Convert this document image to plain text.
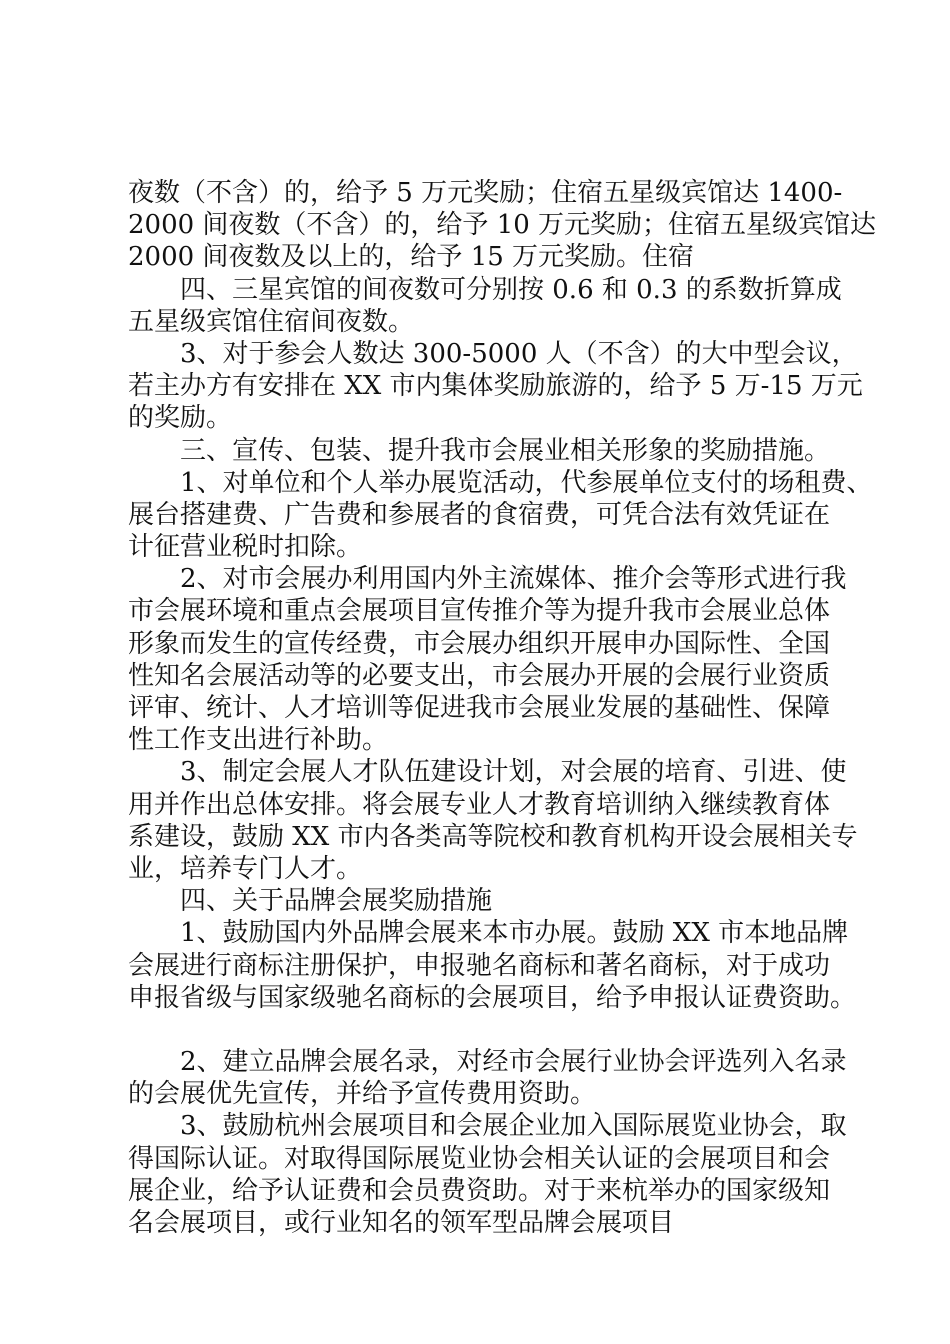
夜数（不含）的，给予 5 万元奖励；住宿五星级宾馆达 1400-
2000 间夜数（不含）的，给予 10 万元奖励；住宿五星级宾馆达
2000 间夜数及以上的，给予 15 万元奖励。住宿
　　四、三星宾馆的间夜数可分别按 0.6 和 0.3 的系数折算成
五星级宾馆住宿间夜数。
　　3、对于参会人数达 300-5000 人（不含）的大中型会议，
若主办方有安排在 XX 市内集体奖励旅游的，给予 5 万-15 万元
的奖励。
　　三、宣传、包装、提升我市会展业相关形象的奖励措施。
　　1、对单位和个人举办展览活动，代参展单位支付的场租费、
展台搭建费、广告费和参展者的食宿费，可凭合法有效凭证在
计征营业税时扣除。
　　2、对市会展办利用国内外主流媒体、推介会等形式进行我
市会展环境和重点会展项目宣传推介等为提升我市会展业总体
形象而发生的宣传经费，市会展办组织开展申办国际性、全国
性知名会展活动等的必要支出，市会展办开展的会展行业资质
评审、统计、人才培训等促进我市会展业发展的基础性、保障
性工作支出进行补助。
　　3、制定会展人才队伍建设计划，对会展的培育、引进、使
用并作出总体安排。将会展专业人才教育培训纳入继续教育体
系建设，鼓励 XX 市内各类高等院校和教育机构开设会展相关专
业，培养专门人才。
　　四、关于品牌会展奖励措施
　　1、鼓励国内外品牌会展来本市办展。鼓励 XX 市本地品牌
会展进行商标注册保护，申报驰名商标和著名商标，对于成功
申报省级与国家级驰名商标的会展项目，给予申报认证费资助。
　　2、建立品牌会展名录，对经市会展行业协会评选列入名录
的会展优先宣传，并给予宣传费用资助。
　　3、鼓励杭州会展项目和会展企业加入国际展览业协会，取
得国际认证。对取得国际展览业协会相关认证的会展项目和会
展企业，给予认证费和会员费资助。对于来杭举办的国家级知
名会展项目，或行业知名的领军型品牌会展项目
